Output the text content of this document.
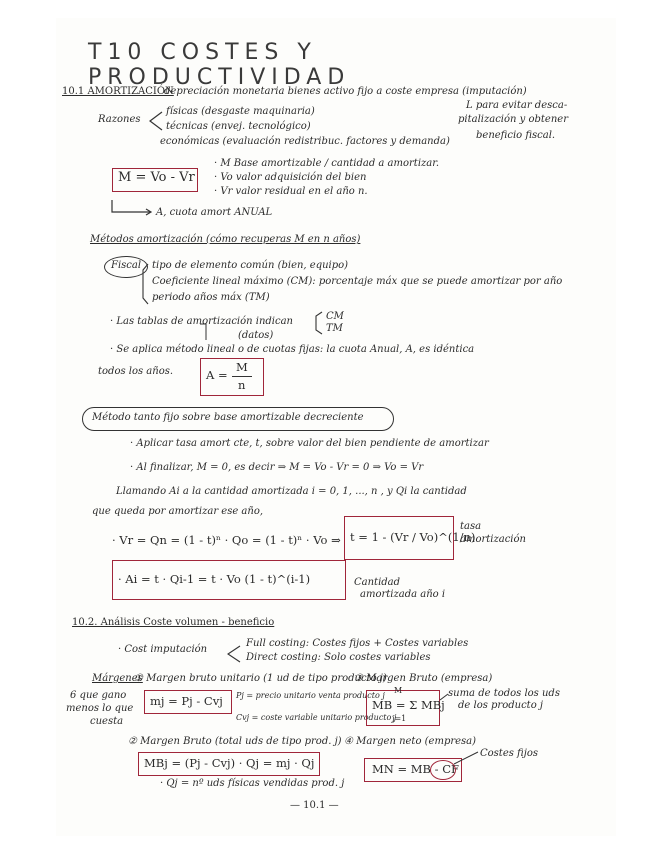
T10 COSTES Y PRODUCTIVIDAD
10.1 AMORTIZACIÓN
depreciación monetaria bienes activo fijo a coste empresa (imputación)
Razones
físicas (desgaste maquinaria)
técnicas (envej. tecnológico)
económicas (evaluación redistribuc. factores y demanda)
L para evitar desca-
pitalización y obtener
beneficio fiscal.
M = Vo - Vr
· M Base amortizable / cantidad a amortizar.
· Vo valor adquisición del bien
· Vr valor residual en el año n.
A, cuota amort ANUAL
Métodos amortización (cómo recuperas M en n años)
Fiscal tipo de elemento común (bien, equipo)
Coeficiente lineal máximo (CM): porcentaje máx que se puede amortizar por año
periodo años máx (TM)
· Las tablas de amortización indican
(datos)
CM
TM
· Se aplica método lineal o de cuotas fijas: la cuota Anual, A, es idéntica
todos los años.	A =
M
n
Método tanto fijo sobre base amortizable decreciente
· Aplicar tasa amort cte, t, sobre valor del bien pendiente de amortizar
· Al finalizar, M = 0, es decir ⇒ M = Vo - Vr = 0 ⇒ Vo = Vr
Llamando Ai a la cantidad amortizada i = 0, 1, ..., n , y Qi la cantidad
que queda por amortizar ese año,
· Vr = Qn = (1 - t)ⁿ · Qo = (1 - t)ⁿ · Vo ⇒ t = 1 - (Vr / Vo)^(1/n)
tasa
amortización
· Ai = t · Qi-1 = t · Vo (1 - t)^(i-1)	Cantidad
amortizada año i
10.2. Análisis Coste volumen - beneficio
· Cost imputación
Full costing: Costes fijos + Costes variables
Direct costing: Solo costes variables
Márgenes
① Margen bruto unitario (1 ud de tipo producto j)
③ Margen Bruto (empresa)
6 que gano
menos lo que
cuesta
mj = Pj - Cvj Pj = precio unitario venta producto j
Cvj = coste variable unitario producto j
M
MB = Σ MBj
j=1
suma de todos los uds
de los producto j
② Margen Bruto (total uds de tipo prod. j) ④ Margen neto (empresa)
MBj = (Pj - Cvj) · Qj = mj · Qj	MN = MB - CF
Costes fijos
· Qj = nº uds físicas vendidas prod. j
— 10.1 —
